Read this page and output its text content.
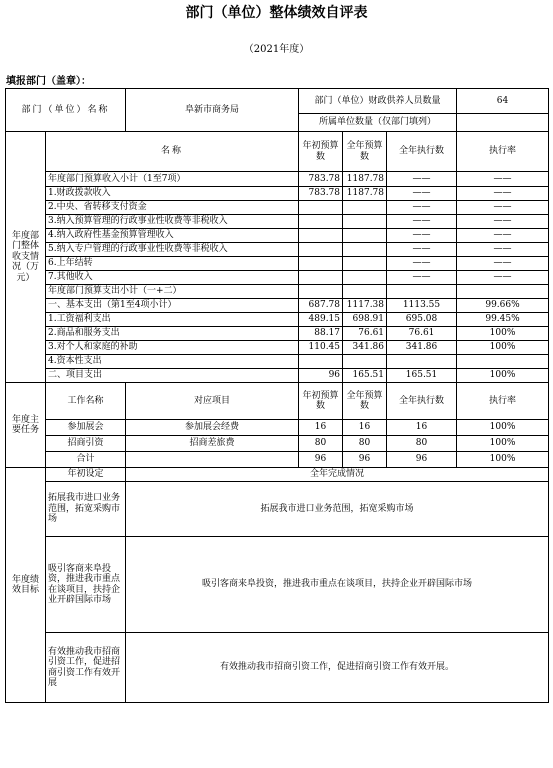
部门（单位）整体绩效自评表
（2021年度）
填报部门（盖章）：
部门（单位）名称		阜新市商务局	部门（单位）财政供养人员数量			64
			所属单位数量（仅部门填列）			
年度部门整体收支情况（万元）	名称		年初预算数	全年预算数	全年执行数	执行率
	年度部门预算收入小计（1至7项）		783.78	1187.78	——	——
	1.财政拨款收入		783.78	1187.78	——	——
	2.中央、省转移支付资金				——	——
	3.纳入预算管理的行政事业性收费等非税收入				——	——
	4.纳入政府性基金预算管理收入				——	——
	5.纳入专户管理的行政事业性收费等非税收入				——	——
	6.上年结转				——	——
	7.其他收入				——	——
	年度部门预算支出小计（一+二）					
	一、基本支出（第1至4项小计）		687.78	1117.38	1113.55	99.66%
	1.工资福利支出		489.15	698.91	695.08	99.45%
	2.商品和服务支出		88.17	76.61	76.61	100%
	3.对个人和家庭的补助		110.45	341.86	341.86	100%
	4.资本性支出					
	二、项目支出		96	165.51	165.51	100%
年度主要任务	工作名称	对应项目	年初预算数	全年预算数	全年执行数	执行率
	参加展会	参加展会经费	16	16	16	100%
	招商引资	招商差旅费	80	80	80	100%
	合计		96	96	96	100%
年度绩效目标	年初设定	全年完成情况				
	拓展我市进口业务范围，拓宽采购市场	拓展我市进口业务范围，拓宽采购市场				
	吸引客商来阜投资，推进我市重点在谈项目，扶持企业开辟国际市场	吸引客商来阜投资，推进我市重点在谈项目，扶持企业开辟国际市场				
	有效推动我市招商引资工作，促进招商引资工作有效开展	有效推动我市招商引资工作，促进招商引资工作有效开展。				
